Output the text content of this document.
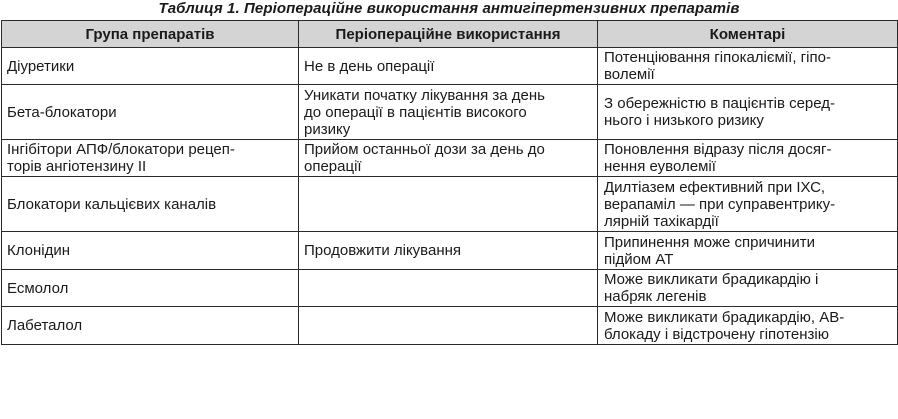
Таблиця 1. Періопераційне використання антигіпертензивних препаратів
Група препаратів	Періопераційне використання	Коментарі
Діуретики	Не в день операції	Потенціювання гіпокаліємії, гіпо-
волемії
Бета-блокатори	Уникати початку лікування за день
до операції в пацієнтів високого
ризику	З обережністю в пацієнтів серед-
нього і низького ризику
Інгібітори АПФ/блокатори рецеп-
торів ангіотензину II	Прийом останньої дози за день до
операції	Поновлення відразу після досяг-
нення еуволемії
Блокатори кальцієвих каналів		Дилтіазем ефективний при ІХС,
верапаміл — при суправентрику-
лярній тахікардії
Клонідин	Продовжити лікування	Припинення може спричинити
підйом АТ
Есмолол		Може викликати брадикардію і
набряк легенів
Лабеталол		Може викликати брадикардію, АВ-
блокаду і відстрочену гіпотензію
